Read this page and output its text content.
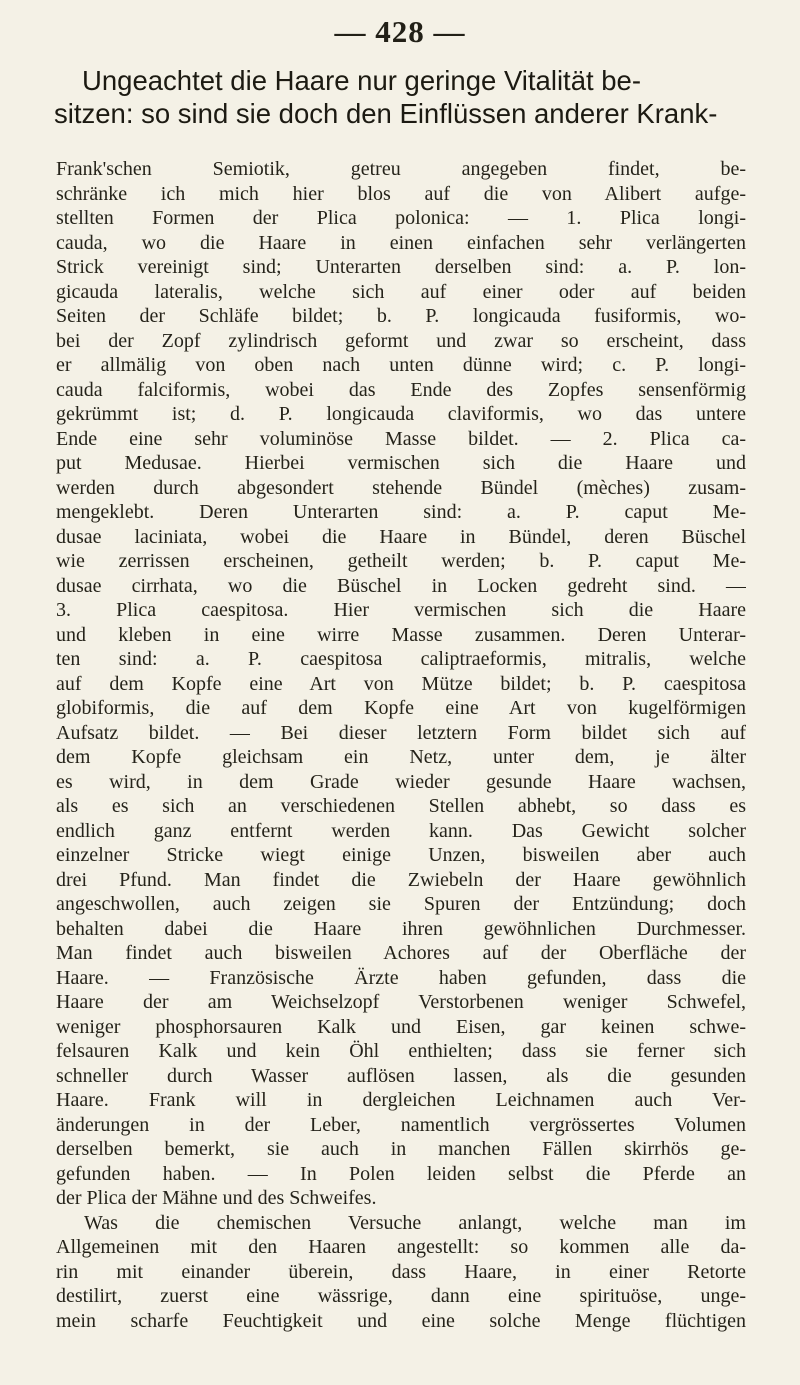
— 428 —
Ungeachtet die Haare nur geringe Vitalität be-
sitzen: so sind sie doch den Einflüssen anderer Krank-
Frank'schen Semiotik, getreu angegeben findet, be-
schränke ich mich hier blos auf die von Alibert aufge-
stellten Formen der Plica polonica: — 1. Plica longi-
cauda, wo die Haare in einen einfachen sehr verlängerten
Strick vereinigt sind; Unterarten derselben sind: a. P. lon-
gicauda lateralis, welche sich auf einer oder auf beiden
Seiten der Schläfe bildet; b. P. longicauda fusiformis, wo-
bei der Zopf zylindrisch geformt und zwar so erscheint, dass
er allmälig von oben nach unten dünne wird; c. P. longi-
cauda falciformis, wobei das Ende des Zopfes sensenförmig
gekrümmt ist; d. P. longicauda claviformis, wo das untere
Ende eine sehr voluminöse Masse bildet. — 2. Plica ca-
put Medusae. Hierbei vermischen sich die Haare und
werden durch abgesondert stehende Bündel (mèches) zusam-
mengeklebt. Deren Unterarten sind: a. P. caput Me-
dusae laciniata, wobei die Haare in Bündel, deren Büschel
wie zerrissen erscheinen, getheilt werden; b. P. caput Me-
dusae cirrhata, wo die Büschel in Locken gedreht sind. —
3. Plica caespitosa. Hier vermischen sich die Haare
und kleben in eine wirre Masse zusammen. Deren Unterar-
ten sind: a. P. caespitosa caliptraeformis, mitralis, welche
auf dem Kopfe eine Art von Mütze bildet; b. P. caespitosa
globiformis, die auf dem Kopfe eine Art von kugelförmigen
Aufsatz bildet. — Bei dieser letztern Form bildet sich auf
dem Kopfe gleichsam ein Netz, unter dem, je älter
es wird, in dem Grade wieder gesunde Haare wachsen,
als es sich an verschiedenen Stellen abhebt, so dass es
endlich ganz entfernt werden kann. Das Gewicht solcher
einzelner Stricke wiegt einige Unzen, bisweilen aber auch
drei Pfund. Man findet die Zwiebeln der Haare gewöhnlich
angeschwollen, auch zeigen sie Spuren der Entzündung; doch
behalten dabei die Haare ihren gewöhnlichen Durchmesser.
Man findet auch bisweilen Achores auf der Oberfläche der
Haare. — Französische Ärzte haben gefunden, dass die
Haare der am Weichselzopf Verstorbenen weniger Schwefel,
weniger phosphorsauren Kalk und Eisen, gar keinen schwe-
felsauren Kalk und kein Öhl enthielten; dass sie ferner sich
schneller durch Wasser auflösen lassen, als die gesunden
Haare. Frank will in dergleichen Leichnamen auch Ver-
änderungen in der Leber, namentlich vergrössertes Volumen
derselben bemerkt, sie auch in manchen Fällen skirrhös ge-
gefunden haben. — In Polen leiden selbst die Pferde an
der Plica der Mähne und des Schweifes.
Was die chemischen Versuche anlangt, welche man im
Allgemeinen mit den Haaren angestellt: so kommen alle da-
rin mit einander überein, dass Haare, in einer Retorte
destilirt, zuerst eine wässrige, dann eine spirituöse, unge-
mein scharfe Feuchtigkeit und eine solche Menge flüchtigen
